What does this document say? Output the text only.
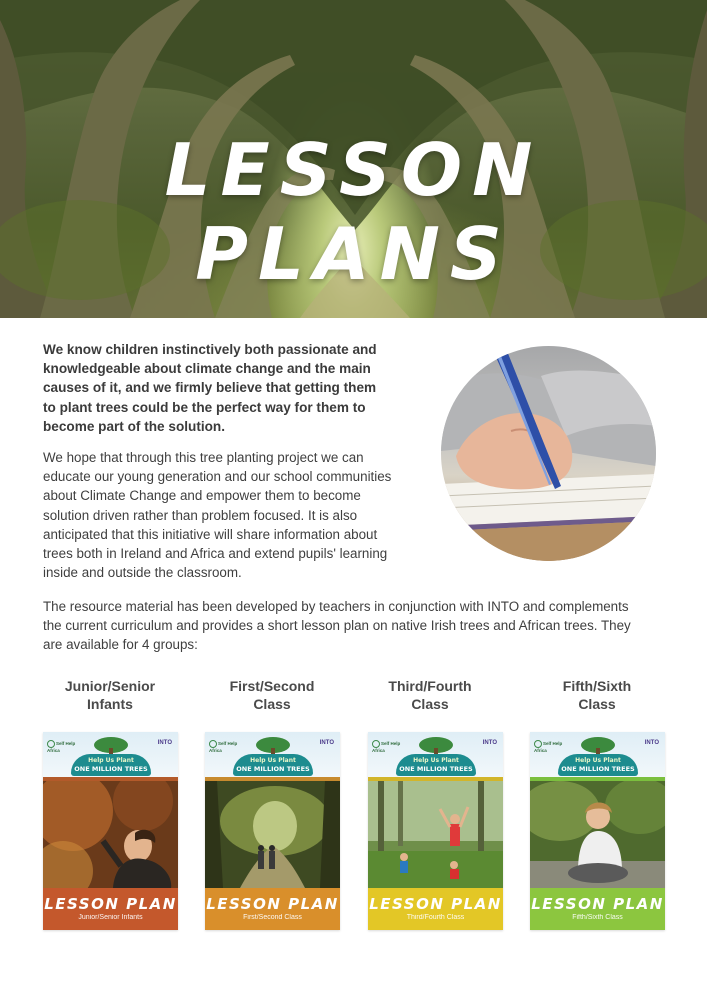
LESSON PLANS
We know children instinctively both passionate and
knowledgeable about climate change and the main
causes of it, and we firmly believe that getting them
to plant trees could be the perfect way for them to
become part of the solution.
We hope that through this tree planting project we can
educate our young generation and our school communities
about Climate Change and empower them to become
solution driven rather than problem focused. It is also
anticipated that this initiative will share information about
trees both in Ireland and Africa and extend pupils' learning
inside and outside the classroom.
The resource material has been developed by teachers in conjunction with INTO and complements
the current curriculum and provides a short lesson plan on native Irish trees and African trees. They
are available for 4 groups:
Junior/Senior
Infants
First/Second
Class
Third/Fourth
Class
Fifth/Sixth
Class
Self Help Africa
INTO
Help Us Plant
ONE MILLION TREES
LESSON PLAN
Junior/Senior Infants
Self Help Africa
INTO
Help Us Plant
ONE MILLION TREES
LESSON PLAN
First/Second Class
Self Help Africa
INTO
Help Us Plant
ONE MILLION TREES
LESSON PLAN
Third/Fourth Class
Self Help Africa
INTO
Help Us Plant
ONE MILLION TREES
LESSON PLAN
Fifth/Sixth Class
